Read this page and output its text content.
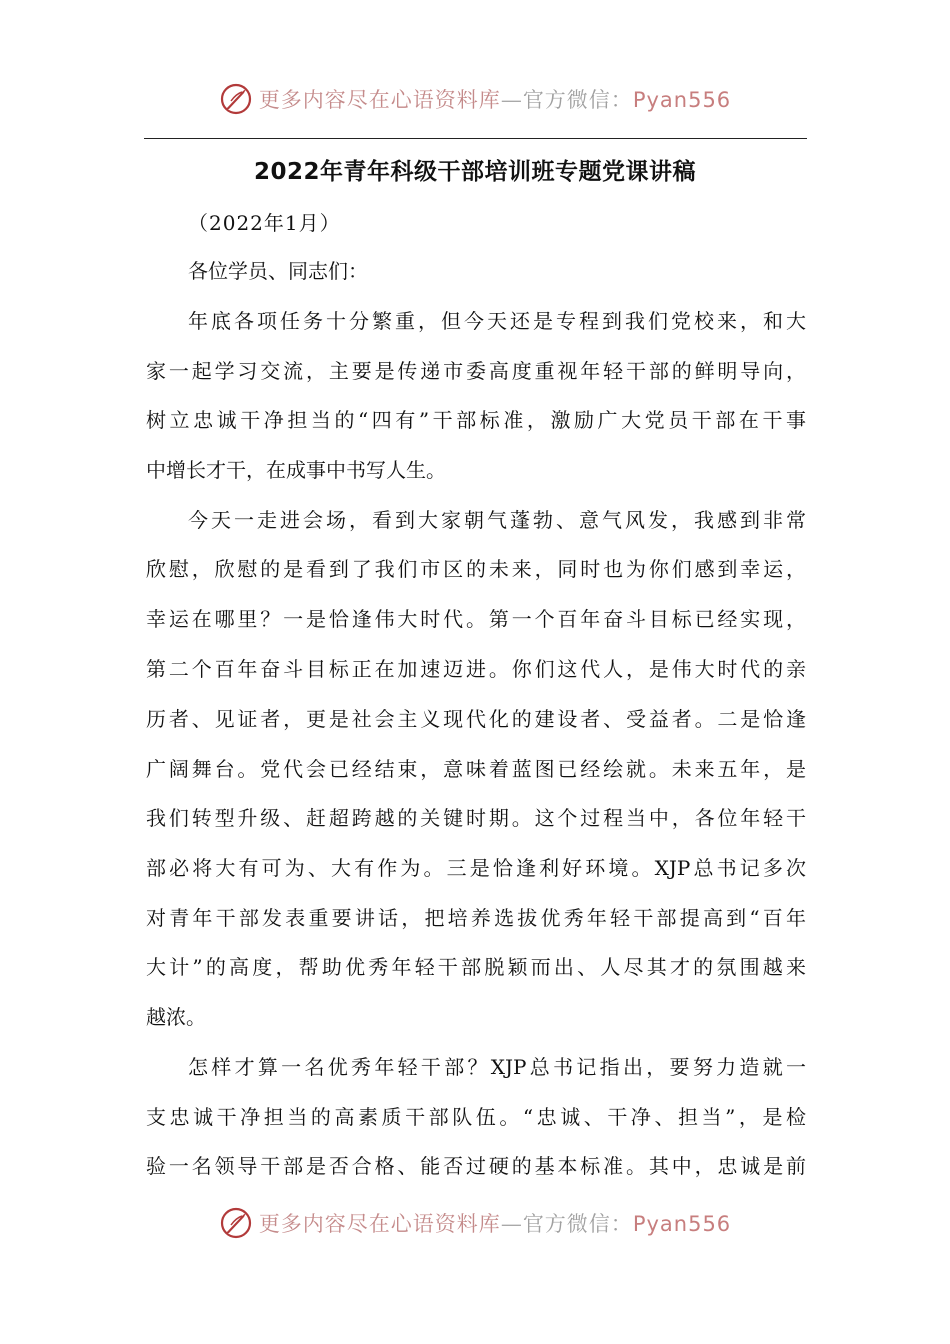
更多内容尽在心语资料库—官方微信：Pyan556
2022年青年科级干部培训班专题党课讲稿
（2022年1月）
各位学员、同志们：
年底各项任务十分繁重，但今天还是专程到我们党校来，和大
家一起学习交流，主要是传递市委高度重视年轻干部的鲜明导向，
树立忠诚干净担当的“四有”干部标准，激励广大党员干部在干事
中增长才干，在成事中书写人生。
今天一走进会场，看到大家朝气蓬勃、意气风发，我感到非常
欣慰，欣慰的是看到了我们市区的未来，同时也为你们感到幸运，
幸运在哪里？一是恰逢伟大时代。第一个百年奋斗目标已经实现，
第二个百年奋斗目标正在加速迈进。你们这代人，是伟大时代的亲
历者、见证者，更是社会主义现代化的建设者、受益者。二是恰逢
广阔舞台。党代会已经结束，意味着蓝图已经绘就。未来五年，是
我们转型升级、赶超跨越的关键时期。这个过程当中，各位年轻干
部必将大有可为、大有作为。三是恰逢利好环境。XJP总书记多次
对青年干部发表重要讲话，把培养选拔优秀年轻干部提高到“百年
大计”的高度，帮助优秀年轻干部脱颖而出、人尽其才的氛围越来
越浓。
怎样才算一名优秀年轻干部？XJP总书记指出，要努力造就一
支忠诚干净担当的高素质干部队伍。“忠诚、干净、担当”，是检
验一名领导干部是否合格、能否过硬的基本标准。其中，忠诚是前
更多内容尽在心语资料库—官方微信：Pyan556
